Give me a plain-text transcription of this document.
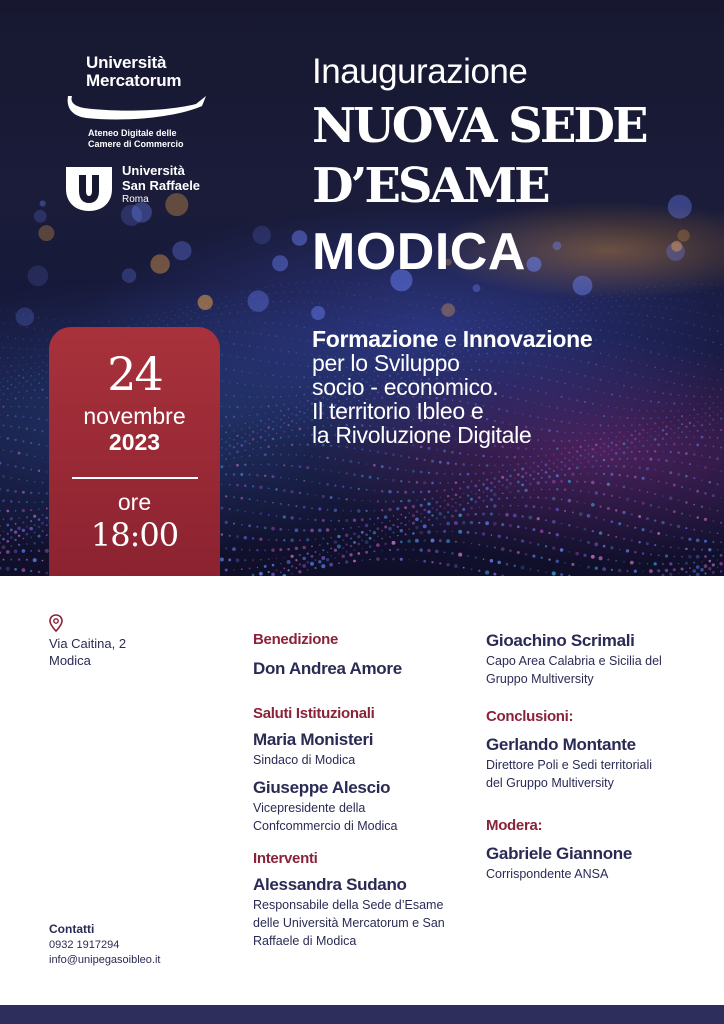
Università
Mercatorum
Ateneo Digitale delle
Camere di Commercio
Università
San Raffaele
Roma
Inaugurazione
NUOVA SEDE
D’ESAME
MODICA
Formazione e Innovazione
per lo Sviluppo
socio - economico.
Il territorio Ibleo e
la Rivoluzione Digitale
24
novembre
2023
ore
18:00
Via Caitina, 2
Modica
Contatti
0932 1917294
info@unipegasoibleo.it
Benedizione
Don Andrea Amore
Saluti Istituzionali
Maria Monisteri
Sindaco di Modica
Giuseppe Alescio
Vicepresidente della
Confcommercio di Modica
Interventi
Alessandra Sudano
Responsabile della Sede d’Esame
delle Università Mercatorum e San
Raffaele di Modica
Gioachino Scrimali
Capo Area Calabria e Sicilia del
Gruppo Multiversity
Conclusioni:
Gerlando Montante
Direttore Poli e Sedi territoriali
del Gruppo Multiversity
Modera:
Gabriele Giannone
Corrispondente ANSA
